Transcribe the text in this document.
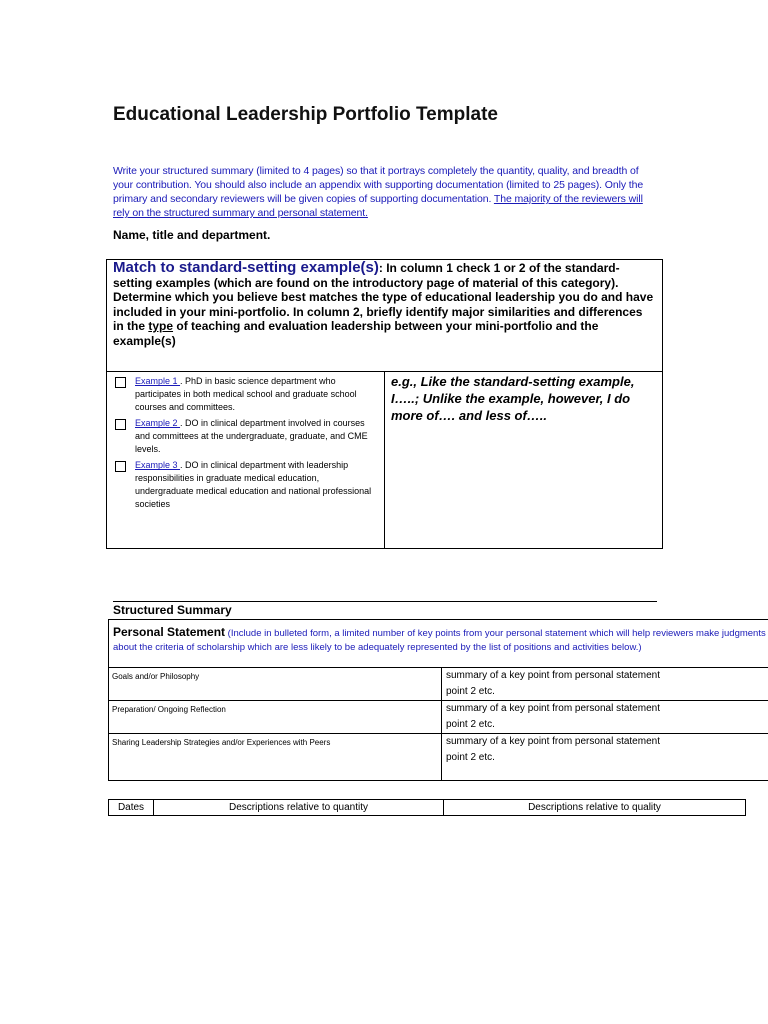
Educational Leadership Portfolio Template
Write your structured summary (limited to 4 pages) so that it portrays completely the quantity, quality, and breadth of your contribution. You should also include an appendix with supporting documentation (limited to 25 pages). Only the primary and secondary reviewers will be given copies of supporting documentation. The majority of the reviewers will rely on the structured summary and personal statement.
Name, title and department.
Match to standard-setting example(s): In column 1 check 1 or 2 of the standard-setting examples (which are found on the introductory page of material of this category). Determine which you believe best matches the type of educational leadership you do and have included in your mini-portfolio. In column 2, briefly identify major similarities and differences in the type of teaching and evaluation leadership between your mini-portfolio and the example(s)

Example 1 . PhD in basic science department who participates in both medical school and graduate school courses and committees.
Example 2 . DO in clinical department involved in courses and committees at the undergraduate, graduate, and CME levels.
Example 3 . DO in clinical department with leadership responsibilities in graduate medical education, undergraduate medical education and national professional societies
	e.g., Like the standard-setting example, I…..; Unlike the example, however, I do more of…. and less of…..
Structured Summary
Personal Statement (Include in bulleted form, a limited number of key points from your personal statement which will help reviewers make judgments about the criteria of scholarship which are less likely to be adequately represented by the list of positions and activities below.)	
Goals and/or Philosophy	summary of a key point from personal statement
point 2 etc.

Preparation/ Ongoing Reflection	summary of a key point from personal statement
point 2 etc.

Sharing Leadership Strategies and/or Experiences with Peers	summary of a key point from personal statement
point 2 etc.
Dates	Descriptions relative to quantity	Descriptions relative to quality
